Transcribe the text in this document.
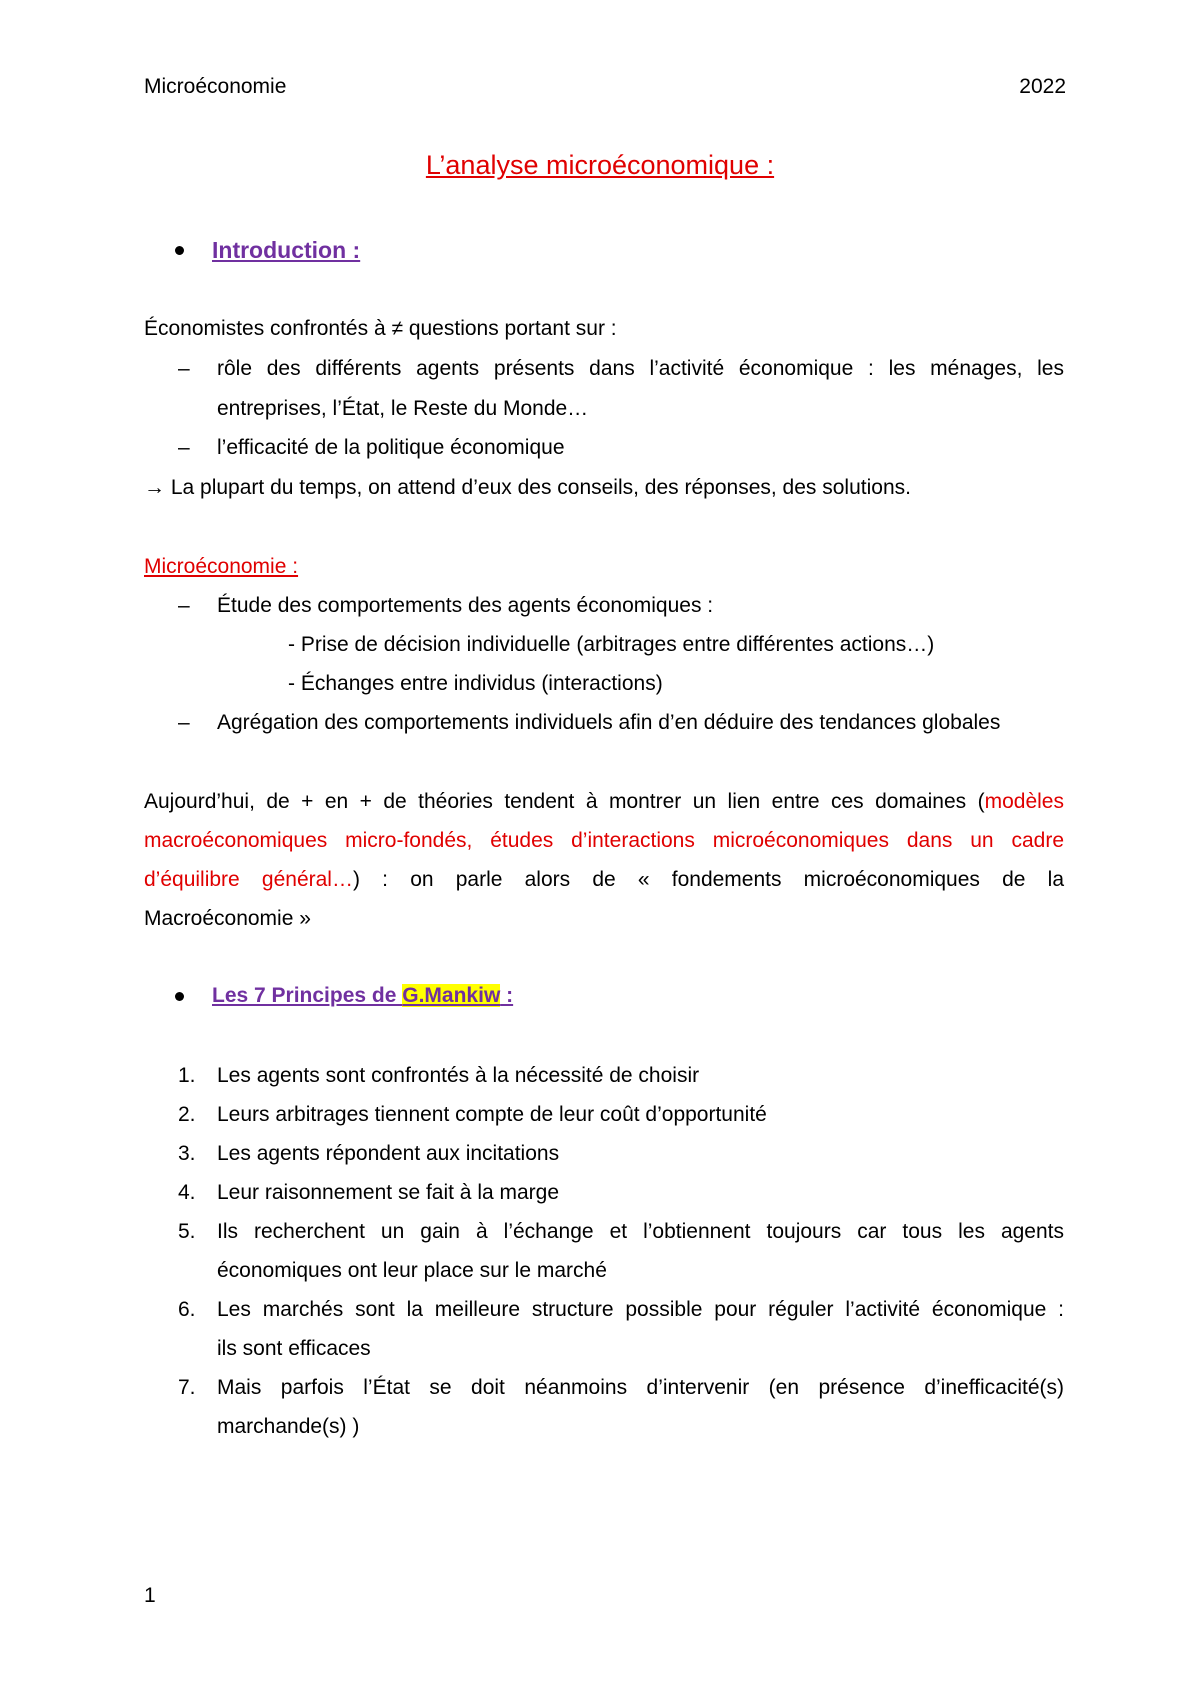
Microéconomie	2022
L’analyse microéconomique :
Introduction :
Économistes confrontés à ≠ questions portant sur :
– rôle des différents agents présents dans l’activité économique : les ménages, les
entreprises, l’État, le Reste du Monde…
– l’efficacité de la politique économique
→ La plupart du temps, on attend d’eux des conseils, des réponses, des solutions.
Microéconomie :
– Étude des comportements des agents économiques :
- Prise de décision individuelle (arbitrages entre différentes actions…)
- Échanges entre individus (interactions)
– Agrégation des comportements individuels afin d’en déduire des tendances globales
Aujourd’hui, de + en + de théories tendent à montrer un lien entre ces domaines (modèles
macroéconomiques micro-fondés, études d’interactions microéconomiques dans un cadre
d’équilibre général…) : on parle alors de « fondements microéconomiques de la
Macroéconomie »
Les 7 Principes de G.Mankiw :
1. Les agents sont confrontés à la nécessité de choisir
2. Leurs arbitrages tiennent compte de leur coût d’opportunité
3. Les agents répondent aux incitations
4. Leur raisonnement se fait à la marge
5. Ils recherchent un gain à l’échange et l’obtiennent toujours car tous les agents
économiques ont leur place sur le marché
6. Les marchés sont la meilleure structure possible pour réguler l’activité économique :
ils sont efficaces
7. Mais parfois l’État se doit néanmoins d’intervenir (en présence d’inefficacité(s)
marchande(s) )
1
